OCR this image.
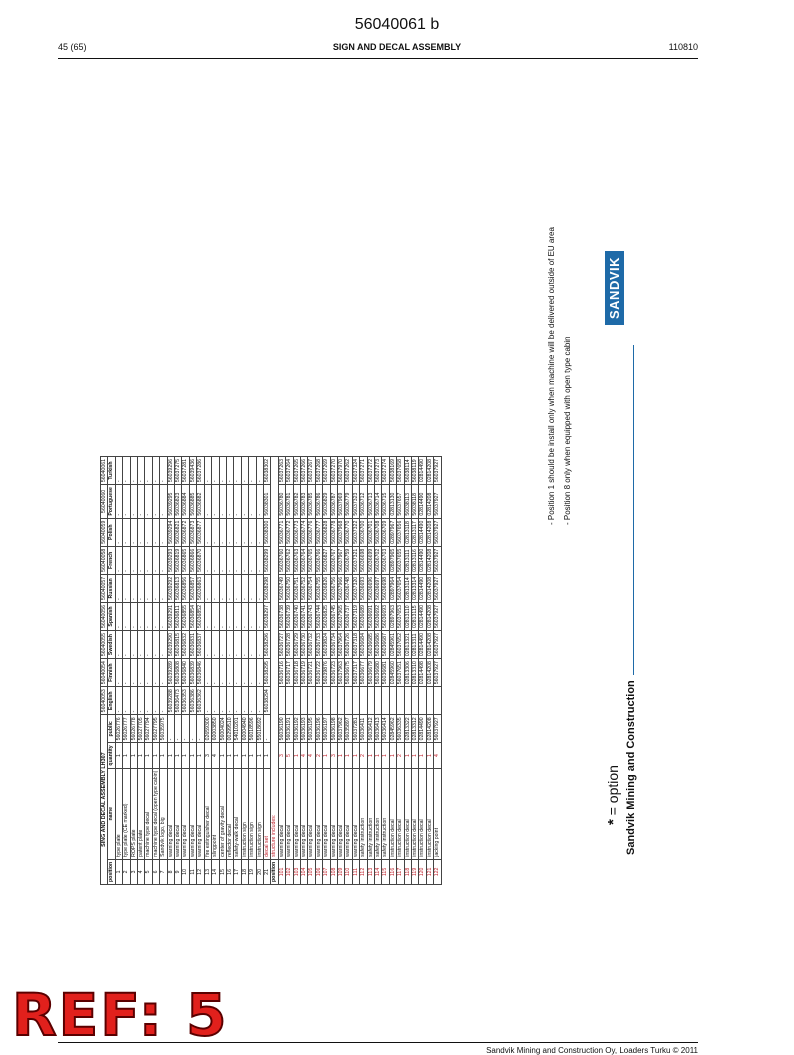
56040061 b
45 (65)	SIGN AND DECAL ASSEMBLY	110810
SING AND DECAL ASSEMBLY LH307				56040053	56040054	56040055	56040056	56040057	56040058	56040059	56040060	56040061
position	name	quantity	public	English	Finnish	Swedish	Spanish	Russian	French	Polish	Portuguese	Turkish
1	type plate	1	56026776	-	-	-	-	-	-	-	-	-
2	type plate (CE marked)	1	56026777	-	-	-	-	-	-	-	-	-
3	ROPS plate	1	56026778	-	-	-	-	-	-	-	-	-
4	patent plate	1	56027705	-	-	-	-	-	-	-	-	-
5	machine type decal	1	56027794	-	-	-	-	-	-	-	-	-
6	machine type decal (open type cabin)	1	56027795	-	-	-	-	-	-	-	-	-
7	Sandvik logo, big	1	56035975	-	-	-	-	-	-	-	-	-
8	warning decal	1	-	56039288	56039289	56039290	56039291	56039292	56039293	56039294	56039295	56039296
9	warning decal	1	-	56036473	56036808	56036815	56036811	56036813	56036819	56036821	56036823	56037275
10	warning decal	1	-	56036353	56036840	56036832	56036855	56036856	56036865	56036872	56036884	56037281
11	warning decal	1	-	56036386	56036839	56036831	56036854	56036857	56036866	56036873	56036885	56039436
12	warning decal	1	-	56036362	56036846	56036837	56036852	56036863	56036870	56036877	56036882	56037286
13	fire extinguisher decal	3	02659300	-	-	-	-	-	-	-	-	-
14	slingpoint	4	60003850	-	-	-	-	-	-	-	-	-
15	center of gravity decal	1	56004024	-	-	-	-	-	-	-	-	-
16	reflector decal	1	00299510	-	-	-	-	-	-	-	-	-
17	safety-walk decal	1	54010201	-	-	-	-	-	-	-	-	-
18	instruction sign	1	60004940	-	-	-	-	-	-	-	-	-
19	instruction sign	1	56018596	-	-	-	-	-	-	-	-	-
20	instruction sign	1	55018692	-	-	-	-	-	-	-	-	-
21	decal set	1	-	56038294	56038295	56038296	56038297	56038298	56038299	56038300	56038301	56038302
position	structure includes:											
101	warning decal	3	56036190		56036716	56036727	56036738	56036749	56036760	56036771	56036780	56037263
102	warning decal	5	56036191		56036717	56036728	56036739	56036750	56036762	56036772	56036781	56037264
103	warning decal	1	56036192		56036718	56036729	56036740	56036751	56036763	56036773	56036782	56037265
104	warning decal	4	56036193		56036719	56036730	56036741	56036752	56036764	56036774	56036783	56037266
105	warning decal	4	56036195		56036721	56036732	56036743	56036754	56036765	56036776	56036785	56037267
106	warning decal	2	56036196		56036722	56036733	56036744	56036755	56036766	56036777	56036786	56037268
107	warning decal	1	56036197		56039876	56039824	56036825	56036826	56036827	56036828	56036829	56037269
108	warning decal	3	56036198		56036723	56036734	56036745	56036756	56036767	56036778	56036787	56037270
109	warning decal	1	56037962		56037963	56037964	56037965	56037966	56037967	56037968	56037969	56037970
110	warning decal	1	56035897		56036675	56036726	56036737	56036748	56036759	56036770	56036779	56037262
111	warning decal	1	56037281		56037317	56037318	56037319	56037320	56037321	56037322	56037323	56037324
112	safety instruction	2	56036411		56036677	56036684	56036689	56036693	56036698	56036700	56036712	56037271
113	safety instruction	1	56036412		56036679	56036685	56036691	56036696	56036699	56036701	56036713	56037272
114	safety instruction	1	56036413		56036680	56036686	56036692	56036697	56036702	56036708	56036714	56037273
115	safety instruction	1	56036414		56036681	56036687	56036693	56036698	56036703	56036709	56036715	56037274
116	instruction decal	1	02845962		02845960	02845961	02897963	02897964	02897965	02897967	02813130	56038169
117	instruction decal	2	56036335		56037651	56037652	56037653	56037654	56037655	56037656	56037657	56037658
118	instruction decal	1	02813322		02813306	02813321	02813110	02813114	02813111	02813118	56038113	56038114
119	instruction decal	1	02813312		02813310	02813311	02813115	02813314	02813116	02813117	56038118	56038119
120	instruction decal	1	02814490		02814498	02814490	02814490	02814490	02814490	02814490	02814490	02814490
121	instruction decal	1	02814208		02814208	02814208	02814208	02814208	02814208	02814208	02814208	02814208
122	jacking point	4	56037927		56037927	56037927	56037927	56037927	56037927	56037927	56037927	56037927
* = option Sandvik Mining and Construction
- Position 1 should be install only when machine will be delivered outside of EU area - Position 8 only when equipped with open type cabin
SANDVIK
REF: 5
Sandvik Mining and Construction Oy, Loaders Turku © 2011
